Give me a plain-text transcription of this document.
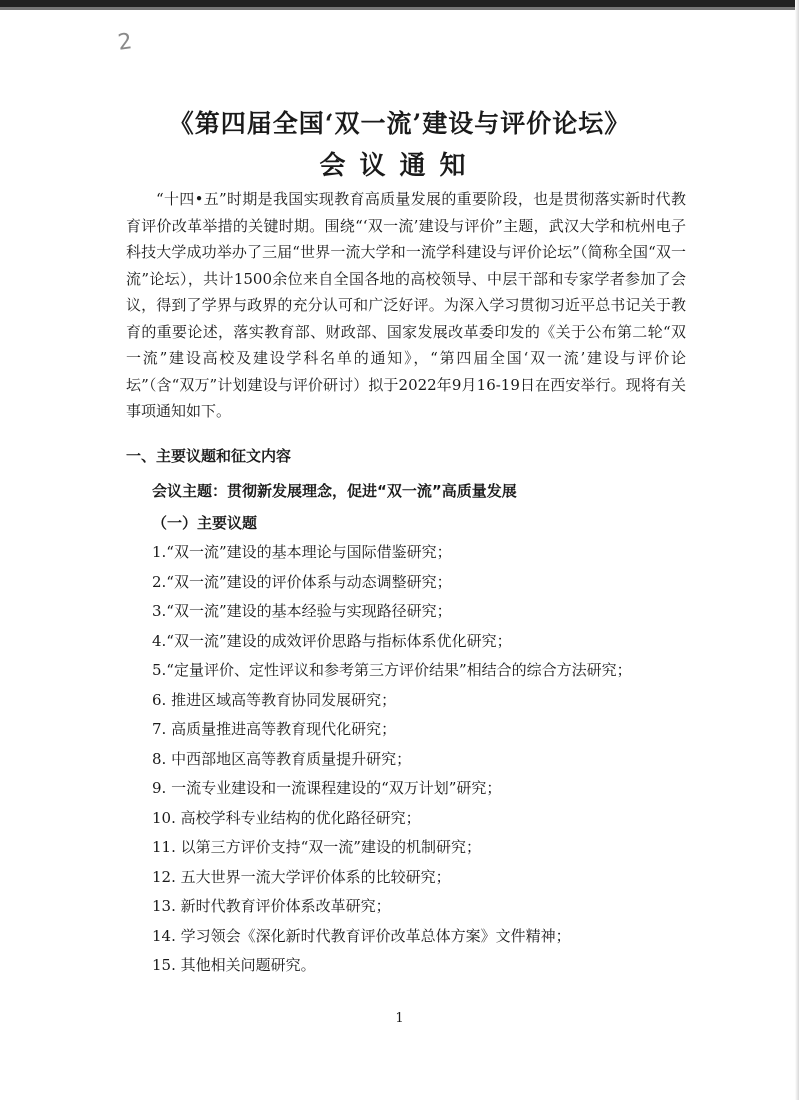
2
《第四届全国‘双一流’建设与评价论坛》
会议通知

“十四•五”时期是我国实现教育高质量发展的重要阶段，也是贯彻落实新时代教育评价改革举措的关键时期。围绕“‘双一流’建设与评价”主题，武汉大学和杭州电子科技大学成功举办了三届“世界一流大学和一流学科建设与评价论坛”（简称全国“双一流”论坛），共计1500余位来自全国各地的高校领导、中层干部和专家学者参加了会议，得到了学界与政界的充分认可和广泛好评。为深入学习贯彻习近平总书记关于教育的重要论述，落实教育部、财政部、国家发展改革委印发的《关于公布第二轮“双一流”建设高校及建设学科名单的通知》，“第四届全国‘双一流’建设与评价论坛”（含“双万”计划建设与评价研讨）拟于2022年9月16-19日在西安举行。现将有关事项通知如下。

一、主要议题和征文内容
会议主题：贯彻新发展理念，促进“双一流”高质量发展
（一）主要议题
1.“双一流”建设的基本理论与国际借鉴研究；
2.“双一流”建设的评价体系与动态调整研究；
3.“双一流”建设的基本经验与实现路径研究；
4.“双一流”建设的成效评价思路与指标体系优化研究；
5.“定量评价、定性评议和参考第三方评价结果”相结合的综合方法研究；
6. 推进区域高等教育协同发展研究；
7. 高质量推进高等教育现代化研究；
8. 中西部地区高等教育质量提升研究；
9. 一流专业建设和一流课程建设的“双万计划”研究；
10. 高校学科专业结构的优化路径研究；
11. 以第三方评价支持“双一流”建设的机制研究；
12. 五大世界一流大学评价体系的比较研究；
13. 新时代教育评价体系改革研究；
14. 学习领会《深化新时代教育评价改革总体方案》文件精神；
15. 其他相关问题研究。
1
